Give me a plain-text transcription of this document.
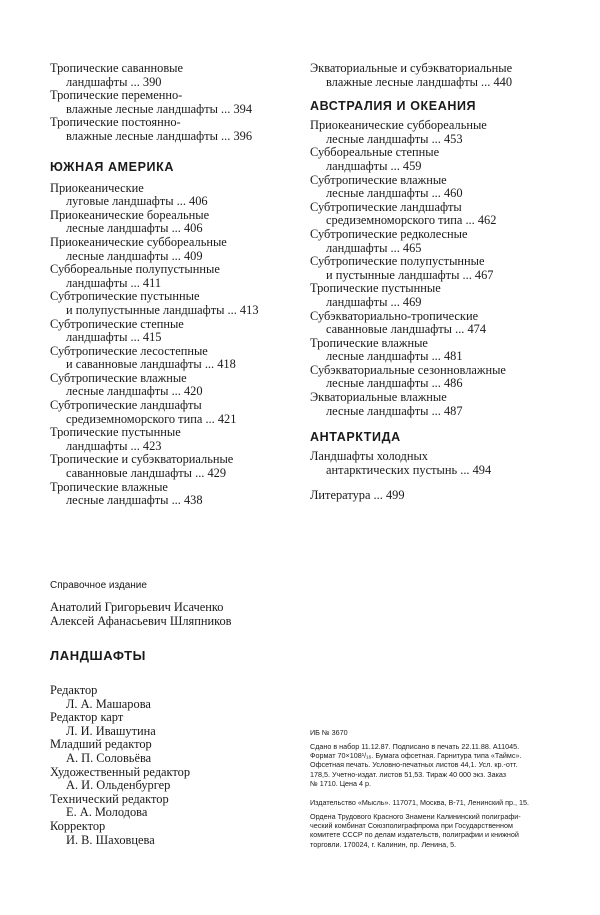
Тропические саванновые
ландшафты ... 390
Тропические переменно-
влажные лесные ландшафты ... 394
Тропические постоянно-
влажные лесные ландшафты ... 396
ЮЖНАЯ АМЕРИКА
Приокеанические
луговые ландшафты ... 406
Приокеанические бореальные
лесные ландшафты ... 406
Приокеанические суббореальные
лесные ландшафты ... 409
Суббореальные полупустынные
ландшафты ... 411
Субтропические пустынные
и полупустынные ландшафты ... 413
Субтропические степные
ландшафты ... 415
Субтропические лесостепные
и саванновые ландшафты ... 418
Субтропические влажные
лесные ландшафты ... 420
Субтропические ландшафты
средиземноморского типа ... 421
Тропические пустынные
ландшафты ... 423
Тропические и субэкваториальные
саванновые ландшафты ... 429
Тропические влажные
лесные ландшафты ... 438
Экваториальные и субэкваториальные
влажные лесные ландшафты ... 440
АВСТРАЛИЯ И ОКЕАНИЯ
Приокеанические суббореальные
лесные ландшафты ... 453
Суббореальные степные
ландшафты ... 459
Субтропические влажные
лесные ландшафты ... 460
Субтропические ландшафты
средиземноморского типа ... 462
Субтропические редколесные
ландшафты ... 465
Субтропические полупустынные
и пустынные ландшафты ... 467
Тропические пустынные
ландшафты ... 469
Субэкваториально-тропические
саванновые ландшафты ... 474
Тропические влажные
лесные ландшафты ... 481
Субэкваториальные сезонновлажные
лесные ландшафты ... 486
Экваториальные влажные
лесные ландшафты ... 487
АНТАРКТИДА
Ландшафты холодных
антарктических пустынь ... 494
Литература ... 499
Справочное издание
Анатолий Григорьевич Исаченко
Алексей Афанасьевич Шляпников
ЛАНДШАФТЫ
Редактор
Л. А. Машарова
Редактор карт
Л. И. Ивашутина
Младший редактор
А. П. Соловьёва
Художественный редактор
А. И. Ольденбургер
Технический редактор
Е. А. Молодова
Корректор
И. В. Шаховцева
ИБ № 3670
Сдано в набор 11.12.87. Подписано в печать 22.11.88. А11045.
Формат 70×108¹/₁₆. Бумага офсетная. Гарнитура типа «Таймс».
Офсетная печать. Условно-печатных листов 44,1. Усл. кр.-отт.
178,5. Учетно-издат. листов 51,53. Тираж 40 000 экз. Заказ
№ 1710. Цена 4 р.
Издательство «Мысль». 117071, Москва, В-71, Ленинский пр., 15.
Ордена Трудового Красного Знамени Калининский полиграфи-
ческий комбинат Союзполиграфпрома при Государственном
комитете СССР по делам издательств, полиграфии и книжной
торговли. 170024, г. Калинин, пр. Ленина, 5.
